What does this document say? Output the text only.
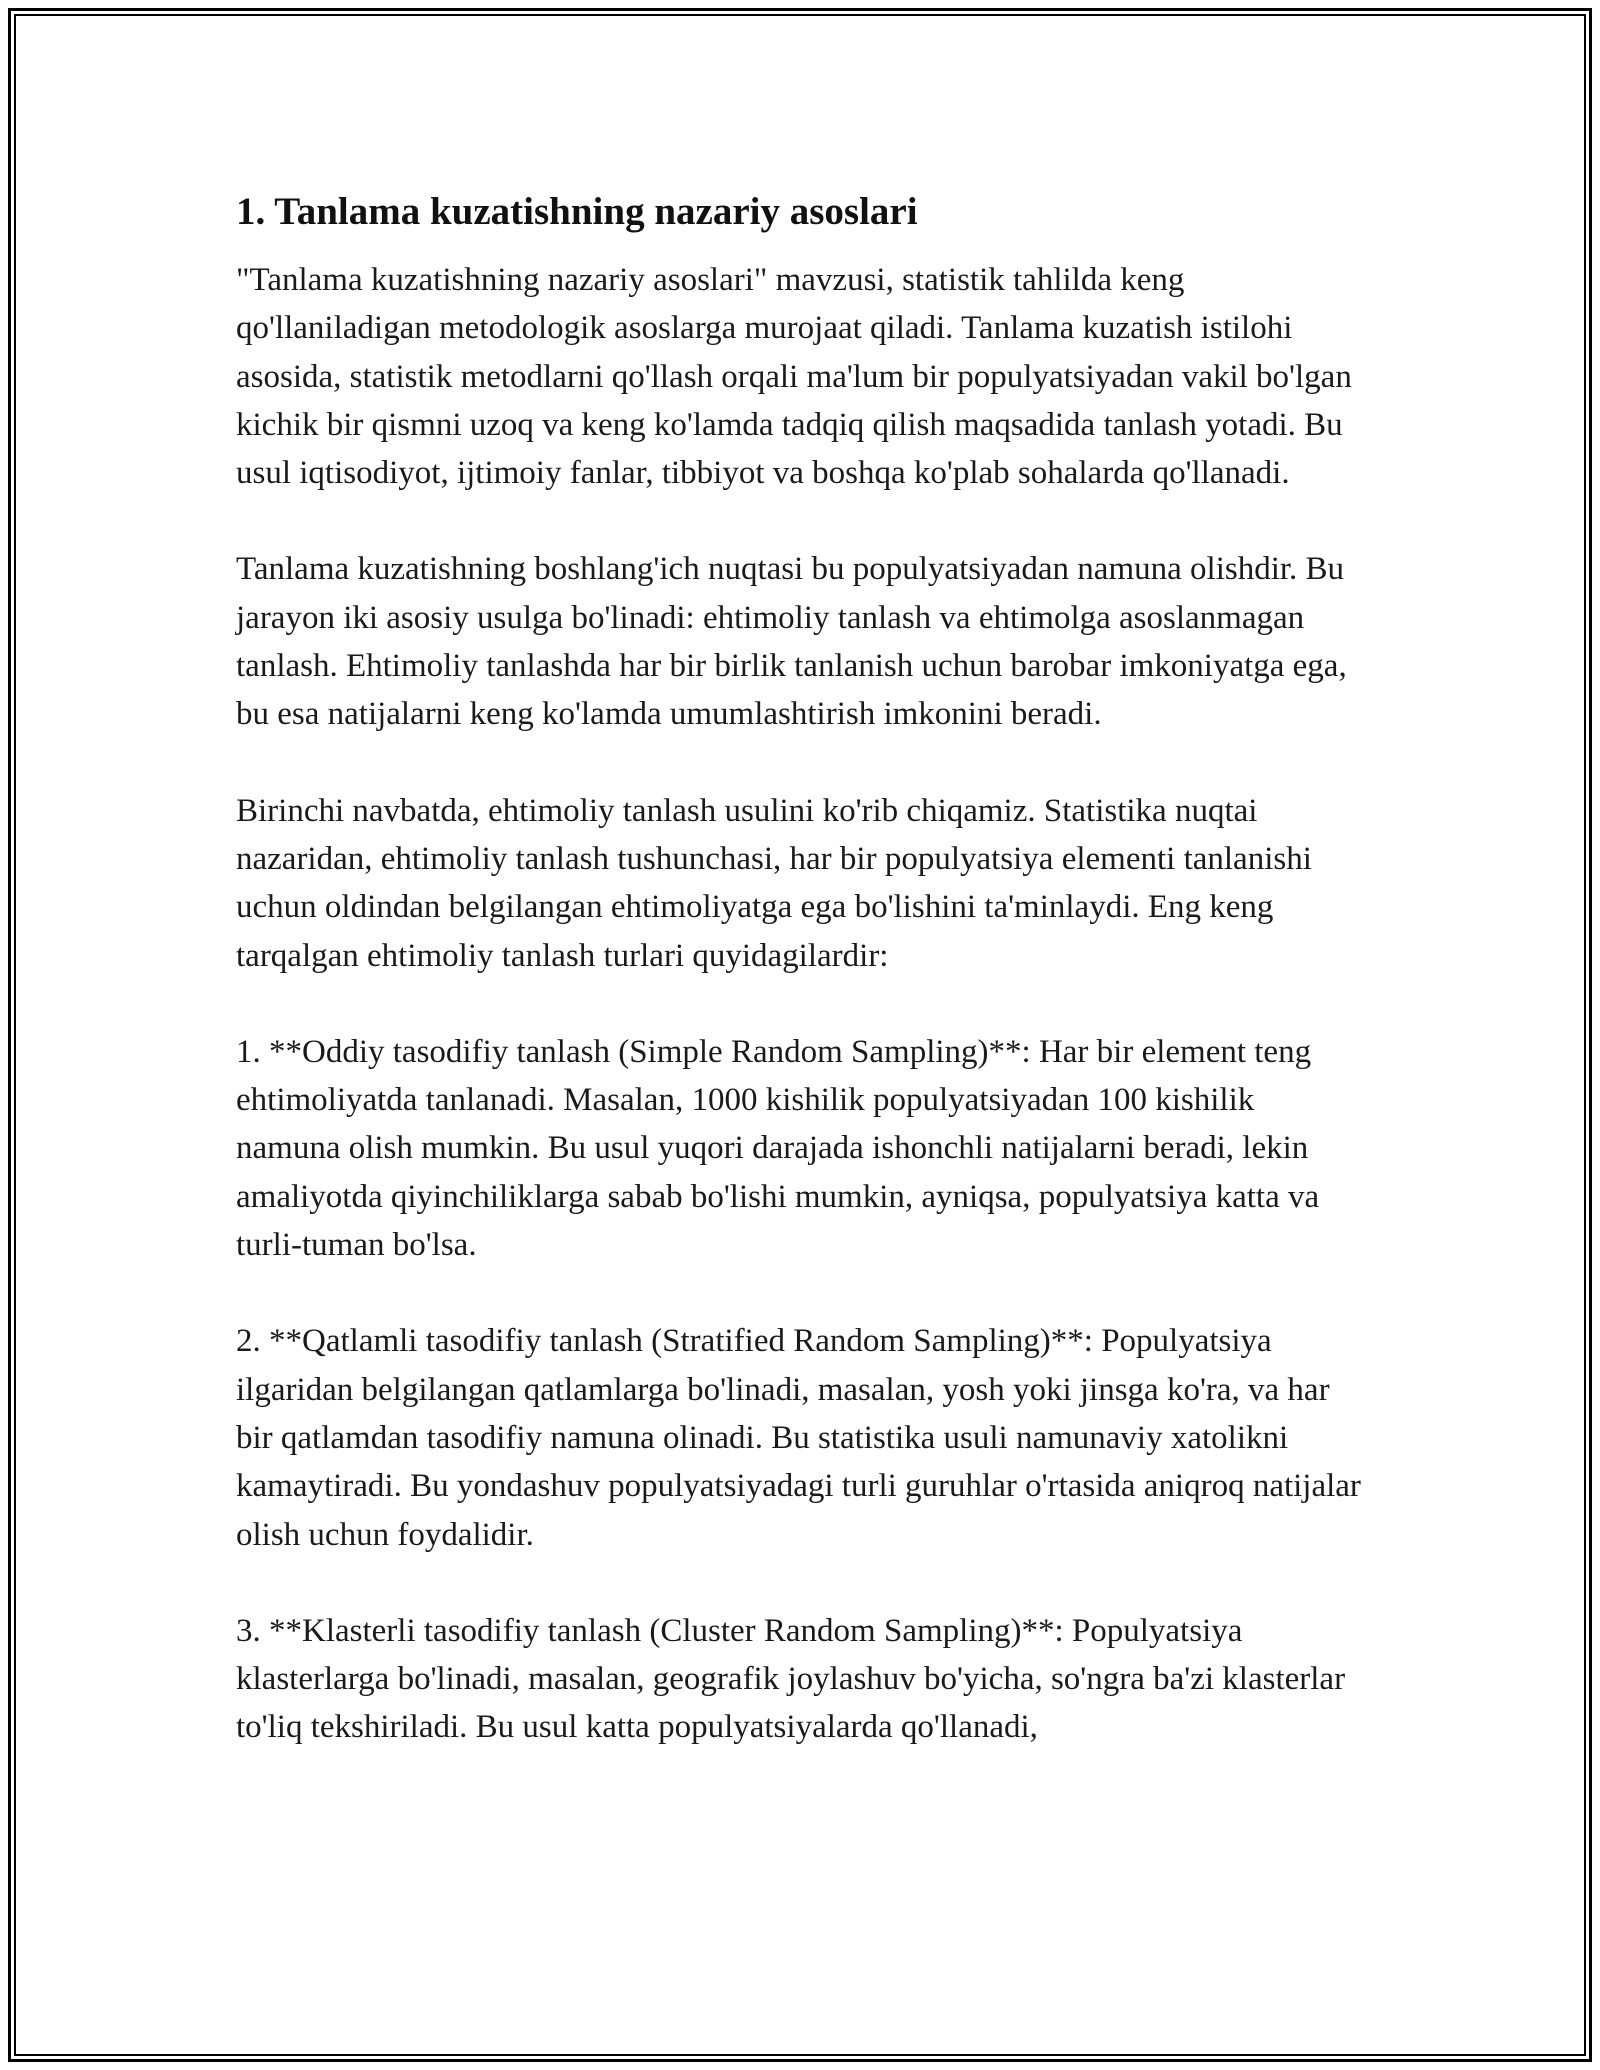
1. Tanlama kuzatishning nazariy asoslari

"Tanlama kuzatishning nazariy asoslari" mavzusi, statistik tahlilda keng qo'llaniladigan metodologik asoslarga murojaat qiladi. Tanlama kuzatish istilohi asosida, statistik metodlarni qo'llash orqali ma'lum bir populyatsiyadan vakil bo'lgan kichik bir qismni uzoq va keng ko'lamda tadqiq qilish maqsadida tanlash yotadi. Bu usul iqtisodiyot, ijtimoiy fanlar, tibbiyot va boshqa ko'plab sohalarda qo'llanadi.

Tanlama kuzatishning boshlang'ich nuqtasi bu populyatsiyadan namuna olishdir. Bu jarayon iki asosiy usulga bo'linadi: ehtimoliy tanlash va ehtimolga asoslanmagan tanlash. Ehtimoliy tanlashda har bir birlik tanlanish uchun barobar imkoniyatga ega, bu esa natijalarni keng ko'lamda umumlashtirish imkonini beradi.

Birinchi navbatda, ehtimoliy tanlash usulini ko'rib chiqamiz. Statistika nuqtai nazaridan, ehtimoliy tanlash tushunchasi, har bir populyatsiya elementi tanlanishi uchun oldindan belgilangan ehtimoliyatga ega bo'lishini ta'minlaydi. Eng keng tarqalgan ehtimoliy tanlash turlari quyidagilardir:

1. **Oddiy tasodifiy tanlash (Simple Random Sampling)**: Har bir element teng ehtimoliyatda tanlanadi. Masalan, 1000 kishilik populyatsiyadan 100 kishilik namuna olish mumkin. Bu usul yuqori darajada ishonchli natijalarni beradi, lekin amaliyotda qiyinchiliklarga sabab bo'lishi mumkin, ayniqsa, populyatsiya katta va turli-tuman bo'lsa.

2. **Qatlamli tasodifiy tanlash (Stratified Random Sampling)**: Populyatsiya ilgaridan belgilangan qatlamlarga bo'linadi, masalan, yosh yoki jinsga ko'ra, va har bir qatlamdan tasodifiy namuna olinadi. Bu statistika usuli namunaviy xatolikni kamaytiradi. Bu yondashuv populyatsiyadagi turli guruhlar o'rtasida aniqroq natijalar olish uchun foydalidir.

3. **Klasterli tasodifiy tanlash (Cluster Random Sampling)**: Populyatsiya klasterlarga bo'linadi, masalan, geografik joylashuv bo'yicha, so'ngra ba'zi klasterlar to'liq tekshiriladi. Bu usul katta populyatsiyalarda qo'llanadi,
